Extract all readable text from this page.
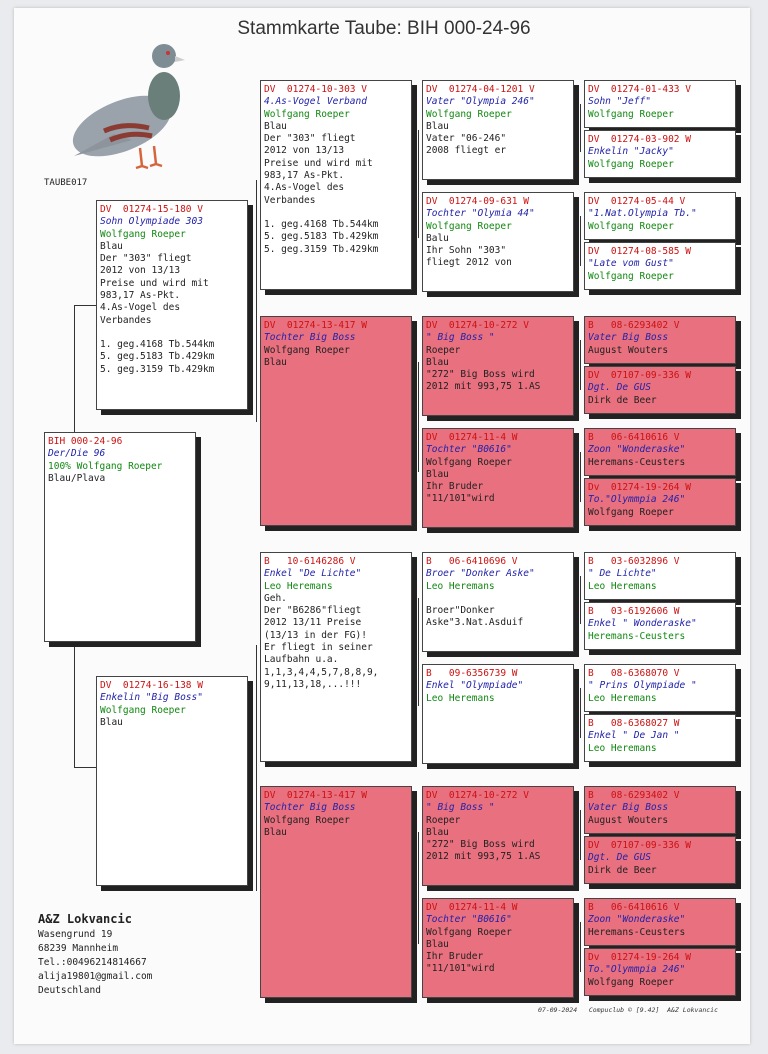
Stammkarte Taube: BIH 000-24-96
TAUBE017
BIH 000-24-96
Der/Die 96
100% Wolfgang Roeper
Blau/Plava
DV  01274-15-180 V
Sohn Olympiade 303
Wolfgang Roeper
Blau
Der "303" fliegt
2012 von 13/13
Preise und wird mit
983,17 As-Pkt.
4.As-Vogel des
Verbandes
1. geg.4168 Tb.544km
5. geg.5183 Tb.429km
5. geg.3159 Tb.429km
DV  01274-16-138 W
Enkelin "Big Boss"
Wolfgang Roeper
Blau
DV  01274-10-303 V
4.As-Vogel Verband
Wolfgang Roeper
Blau
Der "303" fliegt
2012 von 13/13
Preise und wird mit
983,17 As-Pkt.
4.As-Vogel des
Verbandes
1. geg.4168 Tb.544km
5. geg.5183 Tb.429km
5. geg.3159 Tb.429km
DV  01274-13-417 W
Tochter Big Boss
Wolfgang Roeper
Blau
B   10-6146286 V
Enkel "De Lichte"
Leo Heremans
Geh.
Der "B6286"fliegt
2012 13/11 Preise
(13/13 in der FG)!
Er fliegt in seiner
Laufbahn u.a.
1,1,3,4,4,5,7,8,8,9,
9,11,13,18,...!!!
DV  01274-13-417 W
Tochter Big Boss
Wolfgang Roeper
Blau
DV  01274-04-1201 V
Vater "Olympia 246"
Wolfgang Roeper
Blau
Vater "06-246"
2008 fliegt er
DV  01274-09-631 W
Tochter "Olymia 44"
Wolfgang Roeper
Balu
Ihr Sohn "303"
fliegt 2012 von
DV  01274-10-272 V
" Big Boss "
Roeper
Blau
"272" Big Boss wird
2012 mit 993,75 1.AS
DV  01274-11-4 W
Tochter "B0616"
Wolfgang Roeper
Blau
Ihr Bruder
"11/101"wird
B   06-6410696 V
Broer "Donker Aske"
Leo Heremans
Broer"Donker
Aske"3.Nat.Asduif
B   09-6356739 W
Enkel "Olympiade"
Leo Heremans
DV  01274-10-272 V
" Big Boss "
Roeper
Blau
"272" Big Boss wird
2012 mit 993,75 1.AS
DV  01274-11-4 W
Tochter "B0616"
Wolfgang Roeper
Blau
Ihr Bruder
"11/101"wird
DV  01274-01-433 V
Sohn "Jeff"
Wolfgang Roeper
DV  01274-03-902 W
Enkelin "Jacky"
Wolfgang Roeper
DV  01274-05-44 V
"1.Nat.Olympia Tb."
Wolfgang Roeper
DV  01274-08-585 W
"Late vom Gust"
Wolfgang Roeper
B   08-6293402 V
Vater Big Boss
August Wouters
DV  07107-09-336 W
Dgt. De GUS
Dirk de Beer
B   06-6410616 V
Zoon "Wonderaske"
Heremans-Ceusters
Dv  01274-19-264 W
To."Olymmpia 246"
Wolfgang Roeper
B   03-6032896 V
" De Lichte"
Leo Heremans
B   03-6192606 W
Enkel " Wonderaske"
Heremans-Ceusters
B   08-6368070 V
" Prins Olympiade "
Leo Heremans
B   08-6368027 W
Enkel " De Jan "
Leo Heremans
B   08-6293402 V
Vater Big Boss
August Wouters
DV  07107-09-336 W
Dgt. De GUS
Dirk de Beer
B   06-6410616 V
Zoon "Wonderaske"
Heremans-Ceusters
Dv  01274-19-264 W
To."Olymmpia 246"
Wolfgang Roeper
A&Z Lokvancic
Wasengrund 19
68239 Mannheim
Tel.:00496214814667
alija19801@gmail.com
Deutschland
07-09-2024   Compuclub © [9.42]  A&Z Lokvancic
